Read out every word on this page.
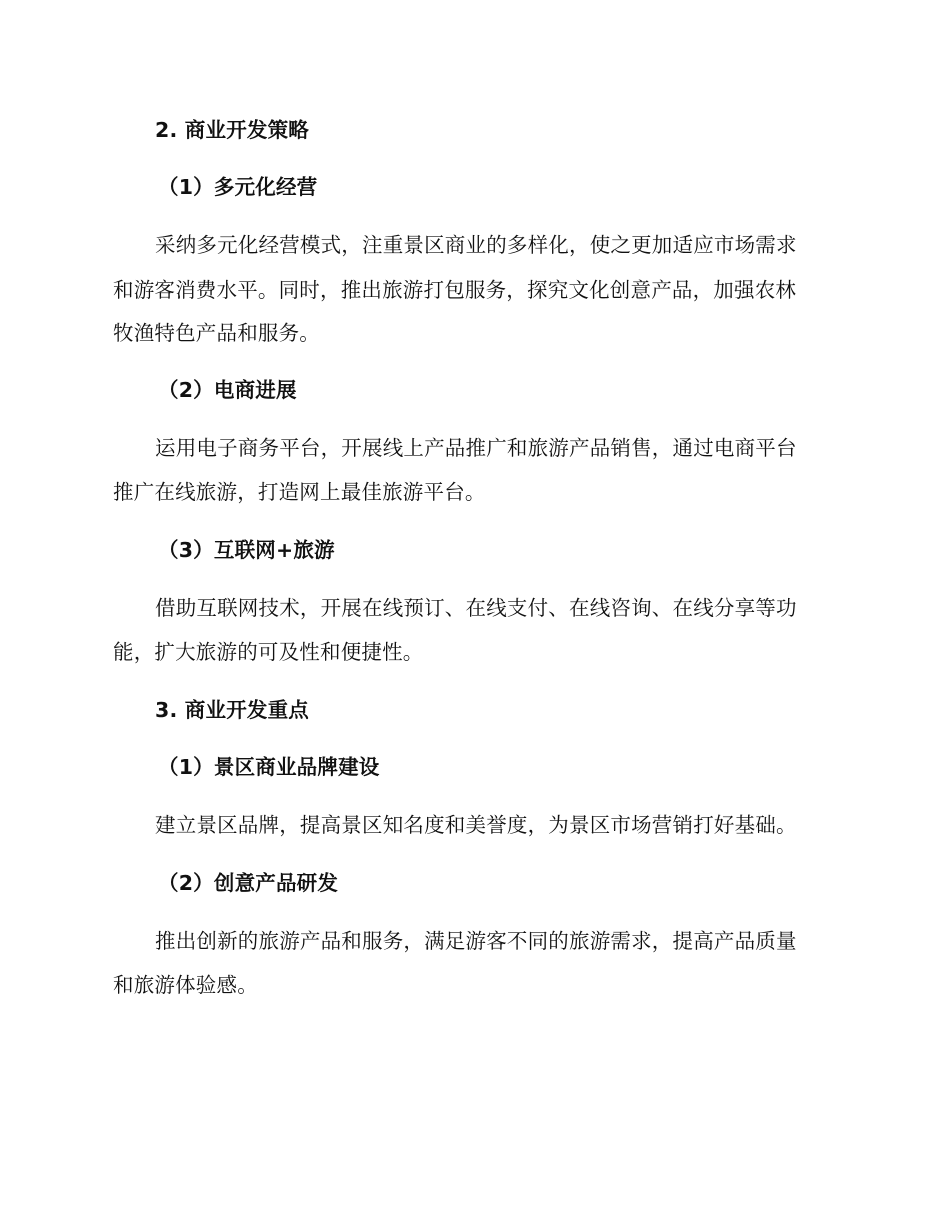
2. 商业开发策略
（1）多元化经营
采纳多元化经营模式，注重景区商业的多样化，使之更加适应市场需求
和游客消费水平。同时，推出旅游打包服务，探究文化创意产品，加强农林
牧渔特色产品和服务。
（2）电商进展
运用电子商务平台，开展线上产品推广和旅游产品销售，通过电商平台
推广在线旅游，打造网上最佳旅游平台。
（3）互联网+旅游
借助互联网技术，开展在线预订、在线支付、在线咨询、在线分享等功
能，扩大旅游的可及性和便捷性。
3. 商业开发重点
（1）景区商业品牌建设
建立景区品牌，提高景区知名度和美誉度，为景区市场营销打好基础。
（2）创意产品研发
推出创新的旅游产品和服务，满足游客不同的旅游需求，提高产品质量
和旅游体验感。
